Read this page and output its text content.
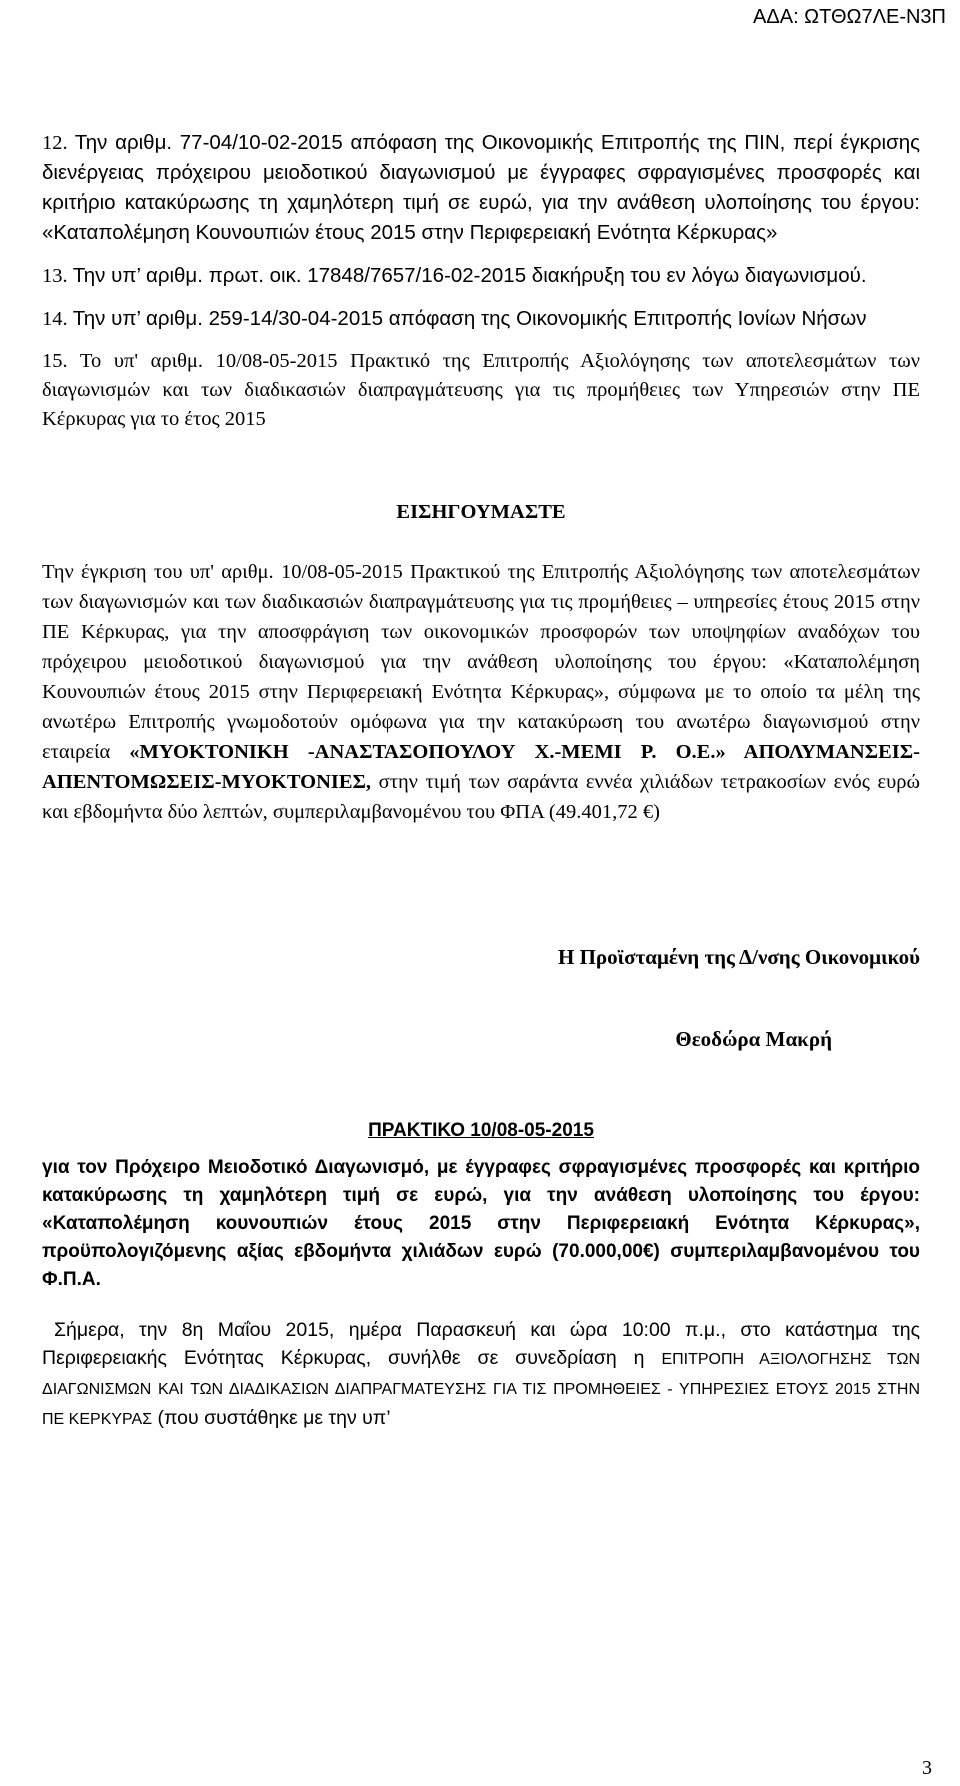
ΑΔΑ: ΩΤΘΩ7ΛΕ-Ν3Π
12. Την αριθμ. 77-04/10-02-2015 απόφαση της Οικονομικής Επιτροπής της ΠΙΝ, περί έγκρισης διενέργειας πρόχειρου μειοδοτικού διαγωνισμού με έγγραφες σφραγισμένες προσφορές και κριτήριο κατακύρωσης τη χαμηλότερη τιμή σε ευρώ, για την ανάθεση υλοποίησης του έργου: «Καταπολέμηση Κουνουπιών έτους 2015 στην Περιφερειακή Ενότητα Κέρκυρας»
13. Την υπ’ αριθμ. πρωτ. οικ. 17848/7657/16-02-2015 διακήρυξη του εν λόγω διαγωνισμού.
14. Την υπ’ αριθμ. 259-14/30-04-2015 απόφαση της Οικονομικής Επιτροπής Ιονίων Νήσων
15. Το υπ' αριθμ. 10/08-05-2015 Πρακτικό της Επιτροπής Αξιολόγησης των αποτελεσμάτων των διαγωνισμών και των διαδικασιών διαπραγμάτευσης για τις προμήθειες των Υπηρεσιών στην ΠΕ Κέρκυρας για το έτος 2015
ΕΙΣΗΓΟΥΜΑΣΤΕ
Την έγκριση του υπ' αριθμ. 10/08-05-2015 Πρακτικού της Επιτροπής Αξιολόγησης των αποτελεσμάτων των διαγωνισμών και των διαδικασιών διαπραγμάτευσης για τις προμήθειες – υπηρεσίες έτους 2015 στην ΠΕ Κέρκυρας, για την αποσφράγιση των οικονομικών προσφορών των υποψηφίων αναδόχων του πρόχειρου μειοδοτικού διαγωνισμού για την ανάθεση υλοποίησης του έργου: «Καταπολέμηση Κουνουπιών έτους 2015 στην Περιφερειακή Ενότητα Κέρκυρας», σύμφωνα με το οποίο τα μέλη της ανωτέρω Επιτροπής γνωμοδοτούν ομόφωνα για την κατακύρωση του ανωτέρω διαγωνισμού στην εταιρεία «ΜΥΟΚΤΟΝΙΚΗ -ΑΝΑΣΤΑΣΟΠΟΥΛΟΥ Χ.-ΜΕΜΙ Ρ. Ο.Ε.» ΑΠΟΛΥΜΑΝΣΕΙΣ-ΑΠΕΝΤΟΜΩΣΕΙΣ-ΜΥΟΚΤΟΝΙΕΣ, στην τιμή των σαράντα εννέα χιλιάδων τετρακοσίων ενός ευρώ και εβδομήντα δύο λεπτών, συμπεριλαμβανομένου του ΦΠΑ (49.401,72 €)
Η Προϊσταμένη της Δ/νσης Οικονομικού
Θεοδώρα Μακρή
ΠΡΑΚΤΙΚΟ 10/08-05-2015
για τον Πρόχειρο Μειοδοτικό Διαγωνισμό, με έγγραφες σφραγισμένες προσφορές και κριτήριο κατακύρωσης τη χαμηλότερη τιμή σε ευρώ, για την ανάθεση υλοποίησης του έργου: «Καταπολέμηση κουνουπιών έτους 2015 στην Περιφερειακή Ενότητα Κέρκυρας», προϋπολογιζόμενης αξίας εβδομήντα χιλιάδων ευρώ (70.000,00€) συμπεριλαμβανομένου του Φ.Π.Α.
Σήμερα, την 8η Μαΐου 2015, ημέρα Παρασκευή και ώρα 10:00 π.μ., στο κατάστημα της Περιφερειακής Ενότητας Κέρκυρας, συνήλθε σε συνεδρίαση η ΕΠΙΤΡΟΠΗ ΑΞΙΟΛΟΓΗΣΗΣ ΤΩΝ ΔΙΑΓΩΝΙΣΜΩΝ ΚΑΙ ΤΩΝ ΔΙΑΔΙΚΑΣΙΩΝ ΔΙΑΠΡΑΓΜΑΤΕΥΣΗΣ ΓΙΑ ΤΙΣ ΠΡΟΜΗΘΕΙΕΣ - ΥΠΗΡΕΣΙΕΣ ΕΤΟΥΣ 2015 ΣΤΗΝ ΠΕ ΚΕΡΚΥΡΑΣ (που συστάθηκε με την υπ’
3
